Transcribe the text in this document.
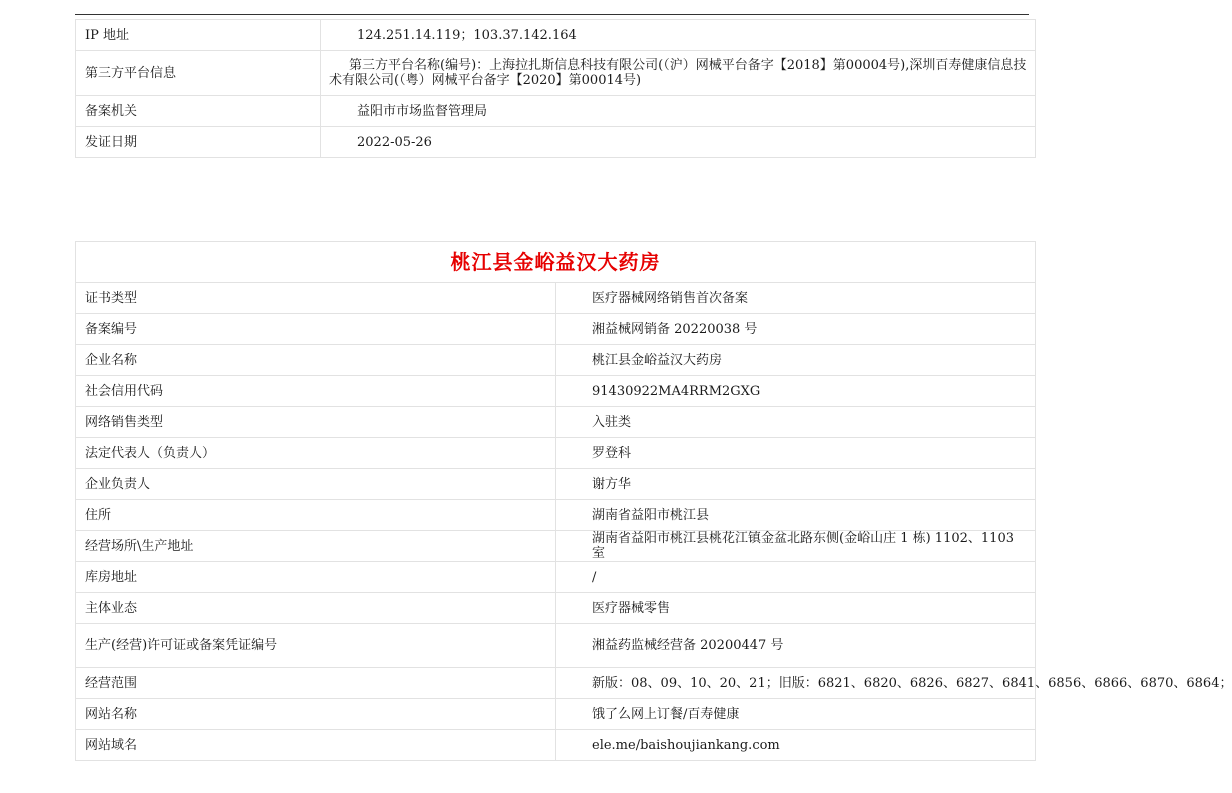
IP 地址	124.251.14.119；103.37.142.164
第三方平台信息	第三方平台名称(编号)：上海拉扎斯信息科技有限公司(（沪）网械平台备字【2018】第00004号),深圳百寿健康信息技术有限公司(（粤）网械平台备字【2020】第00014号)
备案机关	益阳市市场监督管理局
发证日期	2022-05-26
桃江县金峪益汉大药房	
证书类型	医疗器械网络销售首次备案
备案编号	湘益械网销备 20220038 号
企业名称	桃江县金峪益汉大药房
社会信用代码	91430922MA4RRM2GXG
网络销售类型	入驻类
法定代表人（负责人）	罗登科
企业负责人	谢方华
住所	湖南省益阳市桃江县
经营场所\生产地址	湖南省益阳市桃江县桃花江镇金盆北路东侧(金峪山庄 1 栋) 1102、1103 室
库房地址	/
主体业态	医疗器械零售
生产(经营)许可证或备案凭证编号	湘益药监械经营备 20200447 号
经营范围	新版：08、09、10、20、21；旧版：6821、6820、6826、6827、6841、6856、6866、6870、6864；
网站名称	饿了么网上订餐/百寿健康
网站域名	ele.me/baishoujiankang.com
